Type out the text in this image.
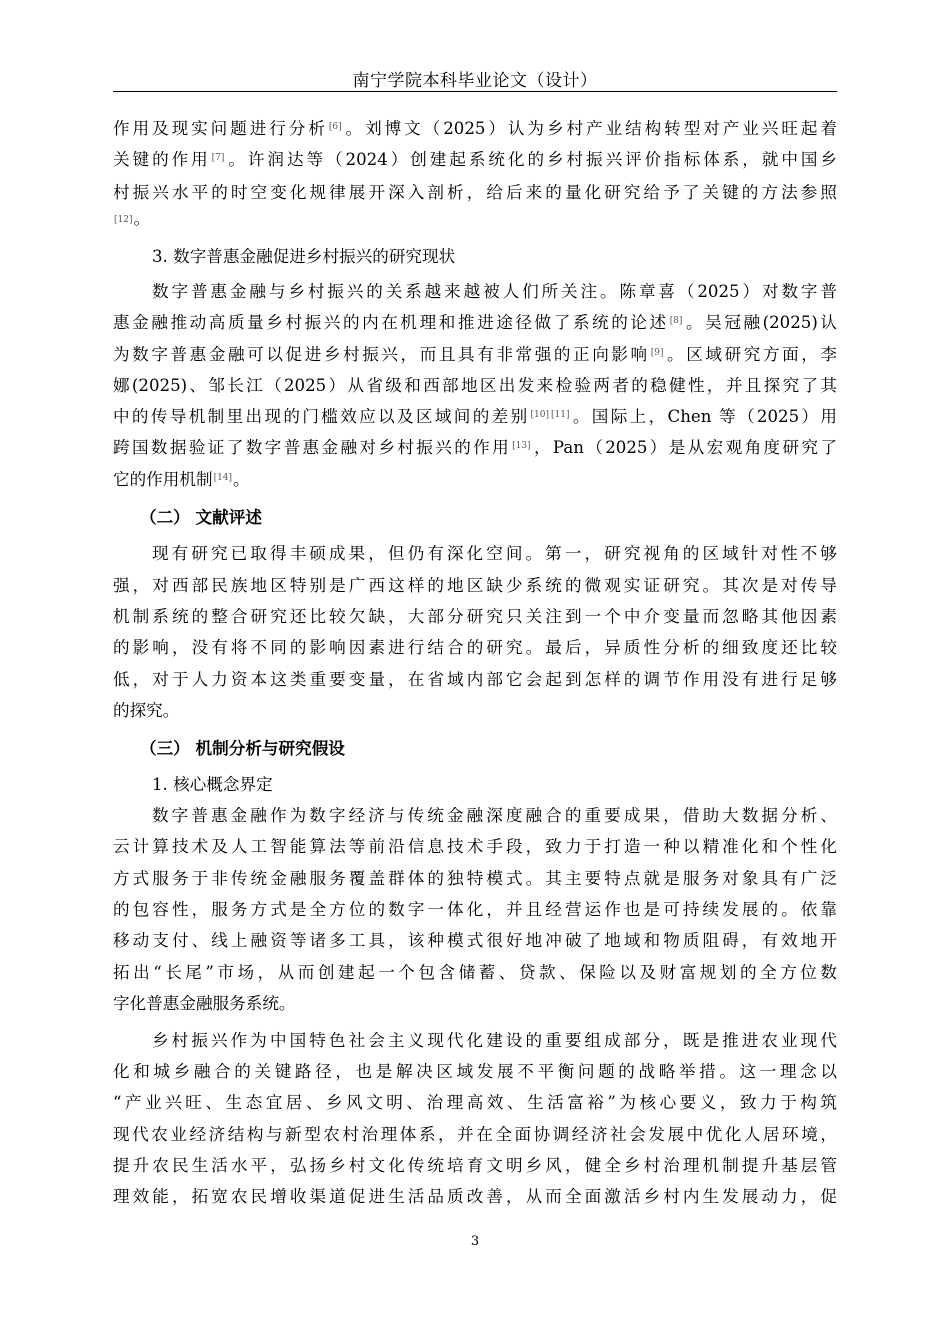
南宁学院本科毕业论文（设计）
作用及现实问题进行分析[6]。刘博文（2025）认为乡村产业结构转型对产业兴旺起着
关键的作用[7]。许润达等（2024）创建起系统化的乡村振兴评价指标体系，就中国乡
村振兴水平的时空变化规律展开深入剖析，给后来的量化研究给予了关键的方法参照
[12]。
3. 数字普惠金融促进乡村振兴的研究现状
数字普惠金融与乡村振兴的关系越来越被人们所关注。陈章喜（2025）对数字普
惠金融推动高质量乡村振兴的内在机理和推进途径做了系统的论述[8]。吴冠融(2025)认
为数字普惠金融可以促进乡村振兴，而且具有非常强的正向影响[9]。区域研究方面，李
娜(2025)、邹长江（2025）从省级和西部地区出发来检验两者的稳健性，并且探究了其
中的传导机制里出现的门槛效应以及区域间的差别[10] [11]。国际上，Chen 等（2025）用
跨国数据验证了数字普惠金融对乡村振兴的作用[13]，Pan（2025）是从宏观角度研究了
它的作用机制[14]。
（二） 文献评述
现有研究已取得丰硕成果，但仍有深化空间。第一，研究视角的区域针对性不够
强，对西部民族地区特别是广西这样的地区缺少系统的微观实证研究。其次是对传导
机制系统的整合研究还比较欠缺，大部分研究只关注到一个中介变量而忽略其他因素
的影响，没有将不同的影响因素进行结合的研究。最后，异质性分析的细致度还比较
低，对于人力资本这类重要变量，在省域内部它会起到怎样的调节作用没有进行足够
的探究。
（三） 机制分析与研究假设
1. 核心概念界定
数字普惠金融作为数字经济与传统金融深度融合的重要成果，借助大数据分析、
云计算技术及人工智能算法等前沿信息技术手段，致力于打造一种以精准化和个性化
方式服务于非传统金融服务覆盖群体的独特模式。其主要特点就是服务对象具有广泛
的包容性，服务方式是全方位的数字一体化，并且经营运作也是可持续发展的。依靠
移动支付、线上融资等诸多工具，该种模式很好地冲破了地域和物质阻碍，有效地开
拓出“长尾”市场，从而创建起一个包含储蓄、贷款、保险以及财富规划的全方位数
字化普惠金融服务系统。
乡村振兴作为中国特色社会主义现代化建设的重要组成部分，既是推进农业现代
化和城乡融合的关键路径，也是解决区域发展不平衡问题的战略举措。这一理念以
“产业兴旺、生态宜居、乡风文明、治理高效、生活富裕”为核心要义，致力于构筑
现代农业经济结构与新型农村治理体系，并在全面协调经济社会发展中优化人居环境，
提升农民生活水平，弘扬乡村文化传统培育文明乡风，健全乡村治理机制提升基层管
理效能，拓宽农民增收渠道促进生活品质改善，从而全面激活乡村内生发展动力，促
3
